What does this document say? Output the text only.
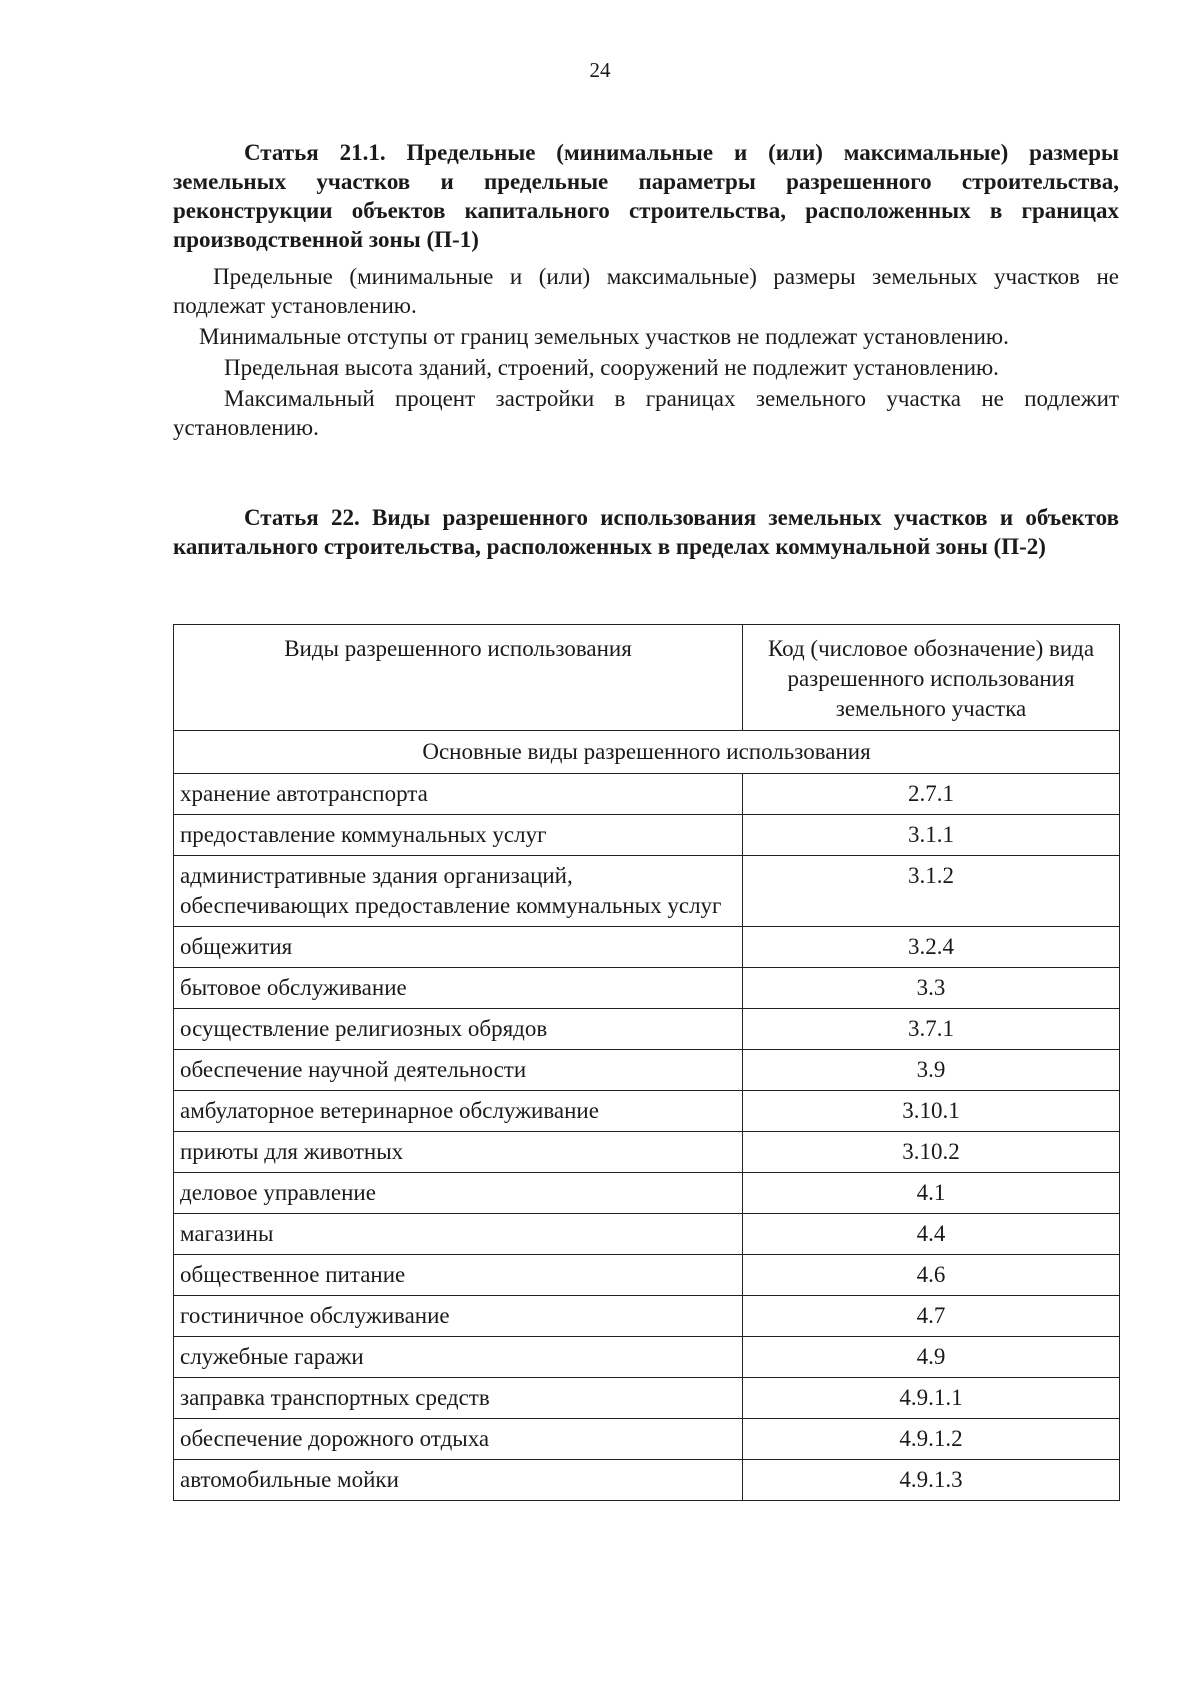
24

Статья 21.1. Предельные (минимальные и (или) максимальные) размеры земельных участков и предельные параметры разрешенного строительства, реконструкции объектов капитального строительства, расположенных в границах производственной зоны (П-1)

Предельные (минимальные и (или) максимальные) размеры земельных участков не подлежат установлению.

Минимальные отступы от границ земельных участков не подлежат установлению.

Предельная высота зданий, строений, сооружений не подлежит установлению.

Максимальный процент застройки в границах земельного участка не подлежит установлению.

Статья 22. Виды разрешенного использования земельных участков и объектов капитального строительства, расположенных в пределах коммунальной зоны (П-2)

Виды разрешенного использования	Код (числовое обозначение) вида разрешенного использования земельного участка
Основные виды разрешенного использования	
хранение автотранспорта	2.7.1
предоставление коммунальных услуг	3.1.1
административные здания организаций, обеспечивающих предоставление коммунальных услуг	3.1.2
общежития	3.2.4
бытовое обслуживание	3.3
осуществление религиозных обрядов	3.7.1
обеспечение научной деятельности	3.9
амбулаторное ветеринарное обслуживание	3.10.1
приюты для животных	3.10.2
деловое управление	4.1
магазины	4.4
общественное питание	4.6
гостиничное обслуживание	4.7
служебные гаражи	4.9
заправка транспортных средств	4.9.1.1
обеспечение дорожного отдыха	4.9.1.2
автомобильные мойки	4.9.1.3
